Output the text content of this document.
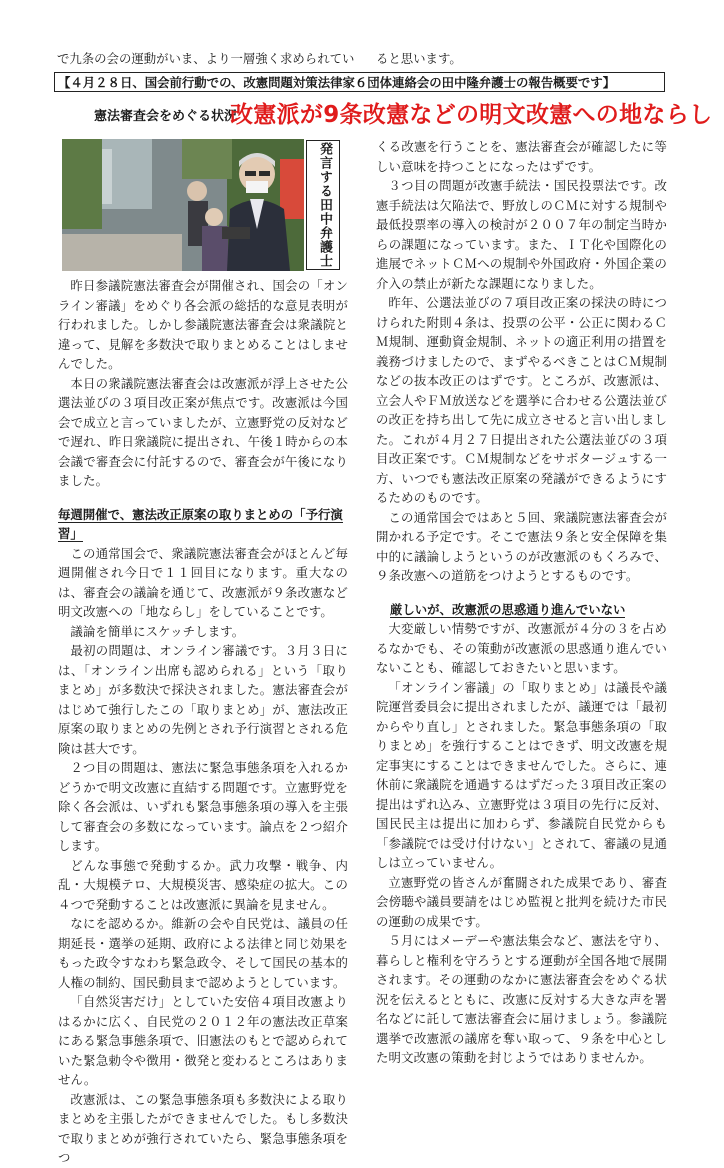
で九条の会の運動がいま、より一層強く求められてい ると思います。
【４月２８日、国会前行動での、改憲問題対策法律家６団体連絡会の田中隆弁護士の報告概要です】
憲法審査会をめぐる状況
改憲派が9条改憲などの明文改憲への地ならし
発言する田中弁護士

昨日参議院憲法審査会が開催され、国会の「オンライン審議」をめぐり各会派の総括的な意見表明が行われました。しかし参議院憲法審査会は衆議院と違って、見解を多数決で取りまとめることはしませんでした。

本日の衆議院憲法審査会は改憲派が浮上させた公選法並びの３項目改正案が焦点です。改憲派は今国会で成立と言っていましたが、立憲野党の反対などで遅れ、昨日衆議院に提出され、午後１時からの本会議で審査会に付託するので、審査会が午後になりました。

毎週開催で、憲法改正原案の取りまとめの「予行演習」

この通常国会で、衆議院憲法審査会がほとんど毎週開催され今日で１１回目になります。重大なのは、審査会の議論を通じて、改憲派が９条改憲など明文改憲への「地ならし」をしていることです。

議論を簡単にスケッチします。

最初の問題は、オンライン審議です。３月３日には、「オンライン出席も認められる」という「取りまとめ」が多数決で採決されました。憲法審査会がはじめて強行したこの「取りまとめ」が、憲法改正原案の取りまとめの先例とされ予行演習とされる危険は甚大です。

２つ目の問題は、憲法に緊急事態条項を入れるかどうかで明文改憲に直結する問題です。立憲野党を除く各会派は、いずれも緊急事態条項の導入を主張して審査会の多数になっています。論点を２つ紹介します。

どんな事態で発動するか。武力攻撃・戦争、内乱・大規模テロ、大規模災害、感染症の拡大。この４つで発動することは改憲派に異論を見ません。

なにを認めるか。維新の会や自民党は、議員の任期延長・選挙の延期、政府による法律と同じ効果をもった政令すなわち緊急政令、そして国民の基本的人権の制約、国民動員まで認めようとしています。

「自然災害だけ」としていた安倍４項目改憲よりはるかに広く、自民党の２０１２年の憲法改正草案にある緊急事態条項で、旧憲法のもとで認められていた緊急勅令や徴用・徴発と変わるところはありません。

改憲派は、この緊急事態条項も多数決による取りまとめを主張したができませんでした。もし多数決で取りまとめが強行されていたら、緊急事態条項をつ

くる改憲を行うことを、憲法審査会が確認したに等しい意味を持つことになったはずです。

３つ目の問題が改憲手続法・国民投票法です。改憲手続法は欠陥法で、野放しのＣＭに対する規制や最低投票率の導入の検討が２００７年の制定当時からの課題になっています。また、ＩＴ化や国際化の進展でネットＣＭへの規制や外国政府・外国企業の介入の禁止が新たな課題になりました。

昨年、公選法並びの７項目改正案の採決の時につけられた附則４条は、投票の公平・公正に関わるＣＭ規制、運動資金規制、ネットの適正利用の措置を義務づけましたので、まずやるべきことはＣＭ規制などの抜本改正のはずです。ところが、改憲派は、立会人やＦＭ放送などを選挙に合わせる公選法並びの改正を持ち出して先に成立させると言い出しました。これが４月２７日提出された公選法並びの３項目改正案です。ＣＭ規制などをサボタージュする一方、いつでも憲法改正原案の発議ができるようにするためのものです。

この通常国会ではあと５回、衆議院憲法審査会が開かれる予定です。そこで憲法９条と安全保障を集中的に議論しようというのが改憲派のもくろみで、９条改憲への道筋をつけようとするものです。

厳しいが、改憲派の思惑通り進んでいない

大変厳しい情勢ですが、改憲派が４分の３を占めるなかでも、その策動が改憲派の思惑通り進んでいないことも、確認しておきたいと思います。

「オンライン審議」の「取りまとめ」は議長や議院運営委員会に提出されましたが、議運では「最初からやり直し」とされました。緊急事態条項の「取りまとめ」を強行することはできず、明文改憲を規定事実にすることはできませんでした。さらに、連休前に衆議院を通過するはずだった３項目改正案の提出はずれ込み、立憲野党は３項目の先行に反対、国民民主は提出に加わらず、参議院自民党からも「参議院では受け付けない」とされて、審議の見通しは立っていません。

立憲野党の皆さんが奮闘された成果であり、審査会傍聴や議員要請をはじめ監視と批判を続けた市民の運動の成果です。

５月にはメーデーや憲法集会など、憲法を守り、暮らしと権利を守ろうとする運動が全国各地で展開されます。その運動のなかに憲法審査会をめぐる状況を伝えるとともに、改憲に反対する大きな声を署名などに託して憲法審査会に届けましょう。参議院選挙で改憲派の議席を奪い取って、９条を中心とした明文改憲の策動を封じようではありませんか。
